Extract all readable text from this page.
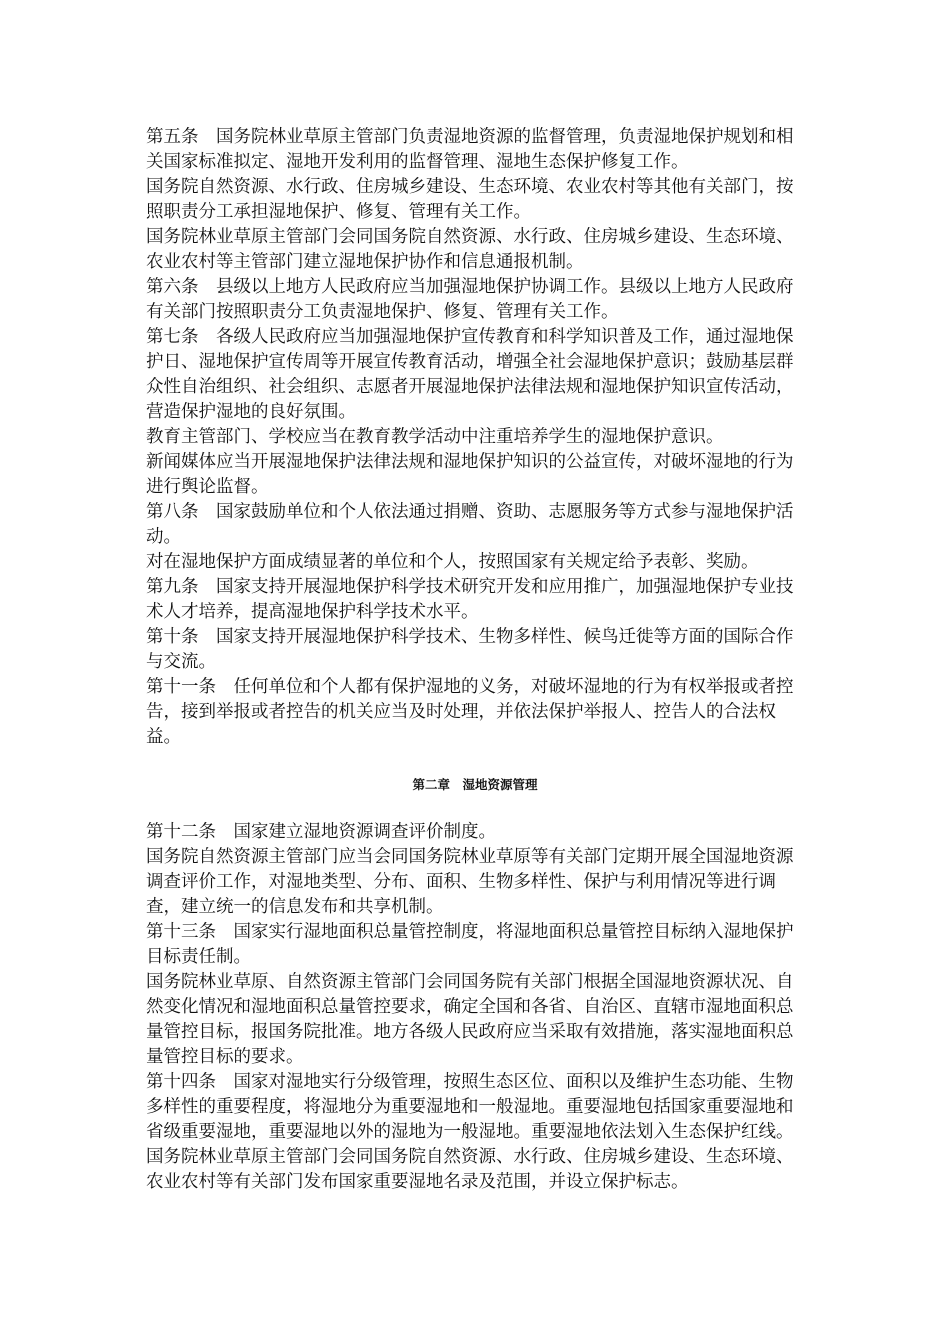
第五条　国务院林业草原主管部门负责湿地资源的监督管理，负责湿地保护规划和相关国家标准拟定、湿地开发利用的监督管理、湿地生态保护修复工作。

国务院自然资源、水行政、住房城乡建设、生态环境、农业农村等其他有关部门，按照职责分工承担湿地保护、修复、管理有关工作。

国务院林业草原主管部门会同国务院自然资源、水行政、住房城乡建设、生态环境、农业农村等主管部门建立湿地保护协作和信息通报机制。

第六条　县级以上地方人民政府应当加强湿地保护协调工作。县级以上地方人民政府有关部门按照职责分工负责湿地保护、修复、管理有关工作。

第七条　各级人民政府应当加强湿地保护宣传教育和科学知识普及工作，通过湿地保护日、湿地保护宣传周等开展宣传教育活动，增强全社会湿地保护意识；鼓励基层群众性自治组织、社会组织、志愿者开展湿地保护法律法规和湿地保护知识宣传活动，营造保护湿地的良好氛围。

教育主管部门、学校应当在教育教学活动中注重培养学生的湿地保护意识。

新闻媒体应当开展湿地保护法律法规和湿地保护知识的公益宣传，对破坏湿地的行为进行舆论监督。

第八条　国家鼓励单位和个人依法通过捐赠、资助、志愿服务等方式参与湿地保护活动。

对在湿地保护方面成绩显著的单位和个人，按照国家有关规定给予表彰、奖励。

第九条　国家支持开展湿地保护科学技术研究开发和应用推广，加强湿地保护专业技术人才培养，提高湿地保护科学技术水平。

第十条　国家支持开展湿地保护科学技术、生物多样性、候鸟迁徙等方面的国际合作与交流。

第十一条　任何单位和个人都有保护湿地的义务，对破坏湿地的行为有权举报或者控告，接到举报或者控告的机关应当及时处理，并依法保护举报人、控告人的合法权益。

第二章　湿地资源管理

第十二条　国家建立湿地资源调查评价制度。

国务院自然资源主管部门应当会同国务院林业草原等有关部门定期开展全国湿地资源调查评价工作，对湿地类型、分布、面积、生物多样性、保护与利用情况等进行调查，建立统一的信息发布和共享机制。

第十三条　国家实行湿地面积总量管控制度，将湿地面积总量管控目标纳入湿地保护目标责任制。

国务院林业草原、自然资源主管部门会同国务院有关部门根据全国湿地资源状况、自然变化情况和湿地面积总量管控要求，确定全国和各省、自治区、直辖市湿地面积总量管控目标，报国务院批准。地方各级人民政府应当采取有效措施，落实湿地面积总量管控目标的要求。

第十四条　国家对湿地实行分级管理，按照生态区位、面积以及维护生态功能、生物多样性的重要程度，将湿地分为重要湿地和一般湿地。重要湿地包括国家重要湿地和省级重要湿地，重要湿地以外的湿地为一般湿地。重要湿地依法划入生态保护红线。

国务院林业草原主管部门会同国务院自然资源、水行政、住房城乡建设、生态环境、农业农村等有关部门发布国家重要湿地名录及范围，并设立保护标志。
